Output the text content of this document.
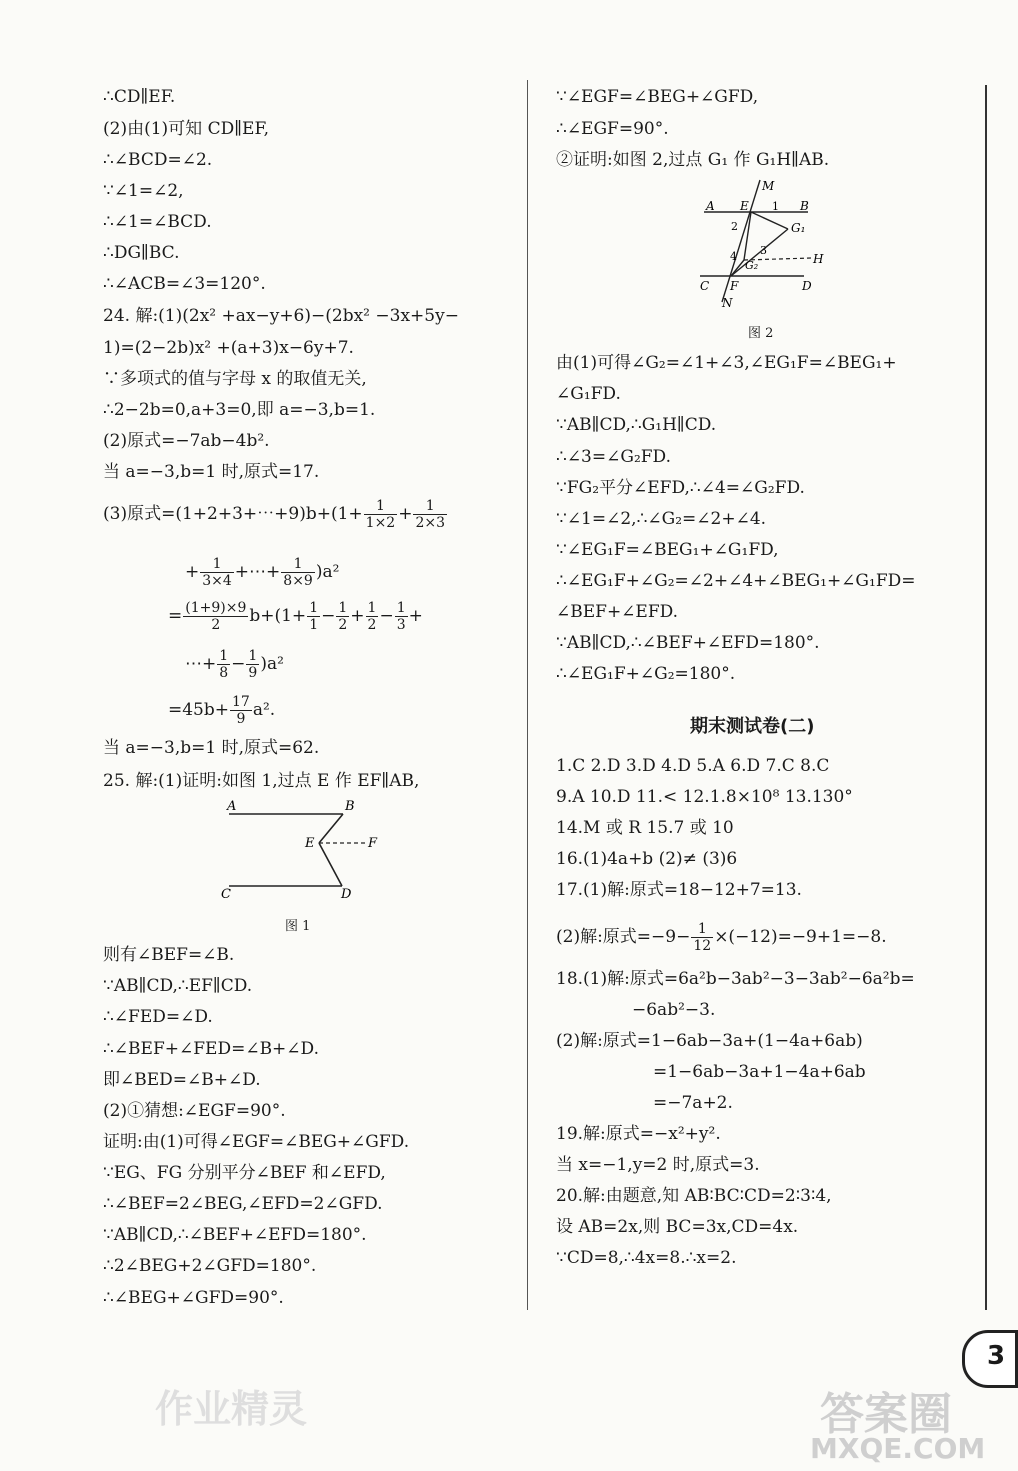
∴CD∥EF.
(2)由(1)可知 CD∥EF,
∴∠BCD=∠2.
∵∠1=∠2,
∴∠1=∠BCD.
∴DG∥BC.
∴∠ACB=∠3=120°.
24. 解:(1)(2x² +ax−y+6)−(2bx² −3x+5y−
1)=(2−2b)x² +(a+3)x−6y+7.
∵多项式的值与字母 x 的取值无关,
∴2−2b=0,a+3=0,即 a=−3,b=1.
(2)原式=−7ab−4b².
当 a=−3,b=1 时,原式=17.
(3)原式=(1+2+3+⋯+9)b+(1+ $\frac{1}{1\times 2} + \frac{1}{2\times 3}$
+ $\frac{1}{3\times 4}$ +⋯+ $\frac{1}{8\times 9} )a^2$
= $\frac{(1+9)\times 9}{2} b+(1+ \frac{1}{1} - \frac{1}{2} + \frac{1}{2} - \frac{1}{3}$ +
⋯+ $\frac{1}{8} - \frac{1}{9} )a^2$
$=45b+ \frac{17}{9} a^2$.
当 a=−3,b=1 时,原式=62.
25. 解:(1)证明:如图 1,过点 E 作 EF∥AB,
A	B
E	F
C	D
图 1
则有∠BEF=∠B.
∵AB∥CD,∴EF∥CD.
∴∠FED=∠D.
∴∠BEF+∠FED=∠B+∠D.
即∠BED=∠B+∠D.
(2)①猜想:∠EGF=90°.
证明:由(1)可得∠EGF=∠BEG+∠GFD.
∵EG、FG 分别平分∠BEF 和∠EFD,
∴∠BEF=2∠BEG,∠EFD=2∠GFD.
∵AB∥CD,∴∠BEF+∠EFD=180°.
∴2∠BEG+2∠GFD=180°.
∴∠BEG+∠GFD=90°.
∵∠EGF=∠BEG+∠GFD,
∴∠EGF=90°.
②证明:如图 2,过点 G₁ 作 G₁H∥AB.
M
A E 1 B
2	G₁
4 3
G₂	H
C F	D
N
图 2
由(1)可得∠G₂=∠1+∠3,∠EG₁F=∠BEG₁+
∠G₁FD.
∵AB∥CD,∴G₁H∥CD.
∴∠3=∠G₂FD.
∵FG₂平分∠EFD,∴∠4=∠G₂FD.
∵∠1=∠2,∴∠G₂=∠2+∠4.
∵∠EG₁F=∠BEG₁+∠G₁FD,
∴∠EG₁F+∠G₂=∠2+∠4+∠BEG₁+∠G₁FD=
∠BEF+∠EFD.
∵AB∥CD,∴∠BEF+∠EFD=180°.
∴∠EG₁F+∠G₂=180°.
期末测试卷(二)
1.C 2.D 3.D 4.D 5.A 6.D 7.C 8.C
9.A 10.D 11.< 12.1.8×10⁸ 13.130°
14.M 或 R 15.7 或 10
16.(1)4a+b (2)≠ (3)6
17.(1)解:原式=18−12+7=13.
(2)解:原式$=-9- \frac{1}{12} \times(-12)=-9+1=-8$.
18.(1)解:原式=6a²b−3ab²−3−3ab²−6a²b=
−6ab²−3.
(2)解:原式=1−6ab−3a+(1−4a+6ab)
=1−6ab−3a+1−4a+6ab
=−7a+2.
19.解:原式=−x²+y².
当 x=−1,y=2 时,原式=3.
20.解:由题意,知 AB∶BC∶CD=2∶3∶4,
设 AB=2x,则 BC=3x,CD=4x.
∵CD=8,∴4x=8.∴x=2.
3
作业精灵	答案圈
MXQE.COM
